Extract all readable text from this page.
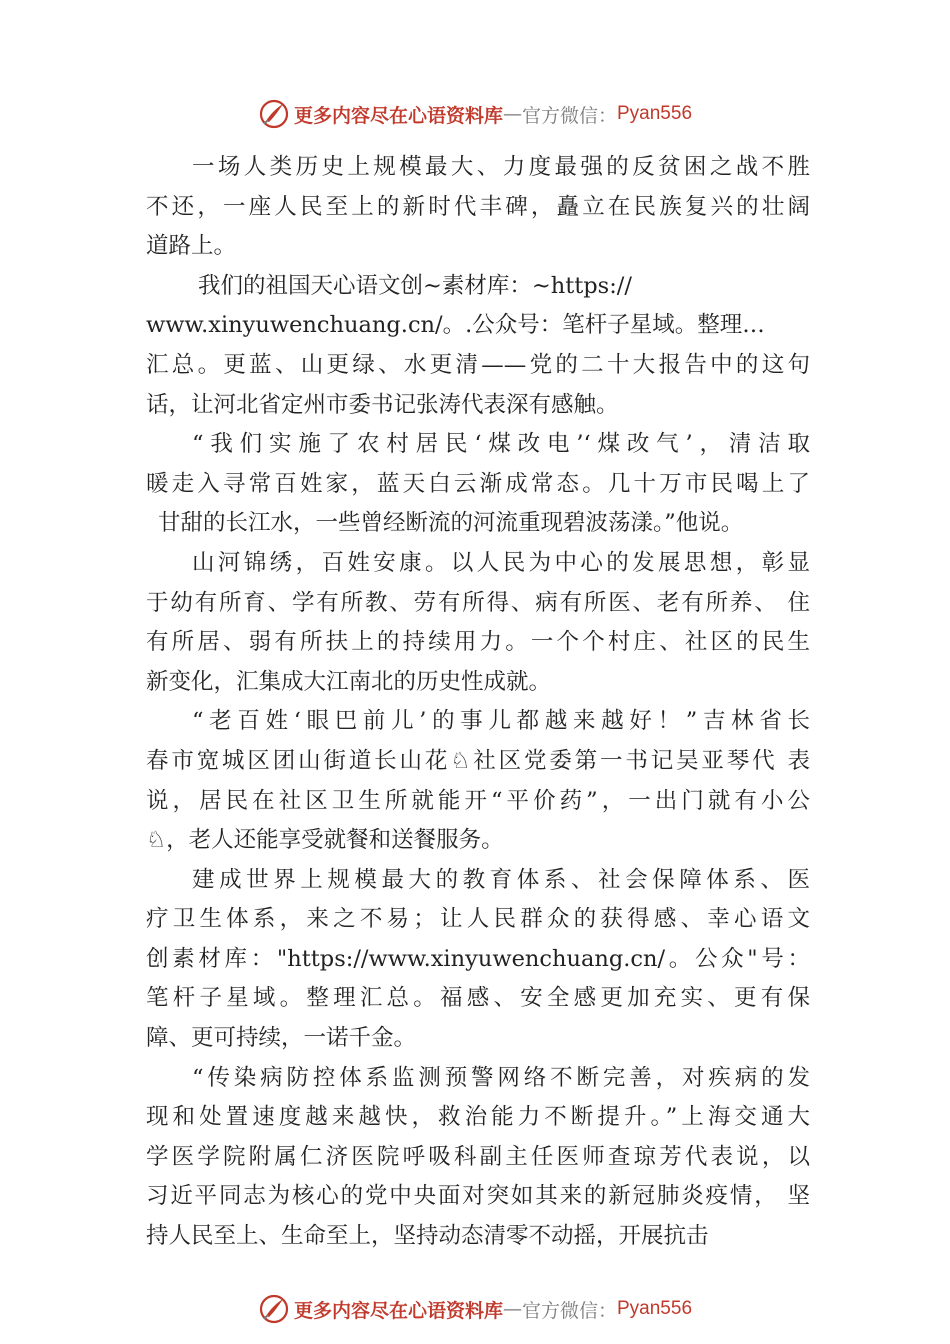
更多内容尽在心语资料库 — 官方微信： Pyan556
一场人类历史上规模最大、力度最强的反贫困之战不胜
不还，一座人民至上的新时代丰碑，矗立在民族复兴的壮阔
道路上。
我们的祖国天心语文创~素材库：~https://
www.xinyuwenchuang.cn/。.公众号：笔杆子星域。整理…
汇总。更蓝、山更绿、水更清——党的二十大报告中的这句
话，让河北省定州市委书记张涛代表深有感触。
“我们实施了农村居民‘煤改电’‘煤改气’，清洁取
暖走入寻常百姓家，蓝天白云渐成常态。几十万市民喝上了
甘甜的长江水，一些曾经断流的河流重现碧波荡漾。”他说。
山河锦绣，百姓安康。以人民为中心的发展思想，彰显
于幼有所育、学有所教、劳有所得、病有所医、老有所养、 住
有所居、弱有所扶上的持续用力。一个个村庄、社区的民生
新变化，汇集成大江南北的历史性成就。
“老百姓‘眼巴前儿’的事儿都越来越好！”吉林省长
春市宽城区团山街道长山花♘社区党委第一书记吴亚琴代 表
说，居民在社区卫生所就能开“平价药”，一出门就有小公
♘，老人还能享受就餐和送餐服务。
建成世界上规模最大的教育体系、社会保障体系、医
疗卫生体系，来之不易；让人民群众的获得感、幸心语文
创素材库："https://www.xinyuwenchuang.cn/。公众"号：
笔杆子星域。整理汇总。福感、安全感更加充实、更有保
障、更可持续，一诺千金。
“传染病防控体系监测预警网络不断完善，对疾病的发
现和处置速度越来越快，救治能力不断提升。”上海交通大
学医学院附属仁济医院呼吸科副主任医师查琼芳代表说，以
习近平同志为核心的党中央面对突如其来的新冠肺炎疫情， 坚
持人民至上、生命至上，坚持动态清零不动摇，开展抗击
更多内容尽在心语资料库 — 官方微信： Pyan556
